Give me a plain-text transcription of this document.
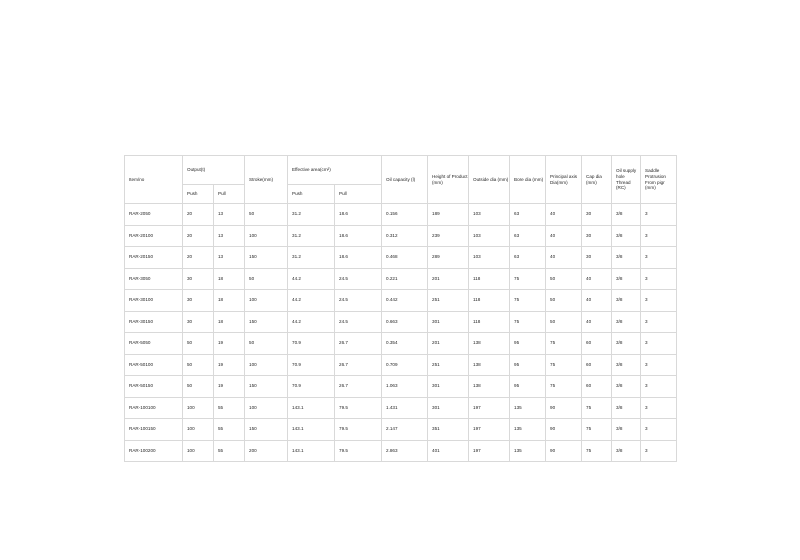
Item/no	Output(t)		Stroke(mm)	Effective area(cm²)		Oil capacity (l)	Height of Product (mm)	Outside dia (mm)	Bore dia (mm)	Principal axis Dia(mm)	Cap dia (mm)	Oil supply hole Thread (RC)	Saddle Protrusion From pigr (mm)

	Push	Pull		Push	Pull								

RAR-2050	20	13	50	31.2	18.6	0.156	189	103	63	40	30	3/8	3

RAR-20100	20	13	100	31.2	18.6	0.312	239	103	63	40	30	3/8	3

RAR-20150	20	13	150	31.2	18.6	0.468	289	103	63	40	30	3/8	3

RAR-3050	30	18	50	44.2	24.5	0.221	201	118	75	50	40	3/8	3

RAR-30100	30	18	100	44.2	24.5	0.442	251	118	75	50	40	3/8	3

RAR-30150	30	18	150	44.2	24.5	0.663	301	118	75	50	40	3/8	3

RAR-5050	50	19	50	70.9	26.7	0.354	201	138	95	75	60	3/8	3

RAR-50100	50	19	100	70.9	26.7	0.709	251	138	95	75	60	3/8	3

RAR-50150	50	19	150	70.9	26.7	1.063	301	138	95	75	60	3/8	3

RAR-100100	100	55	100	143.1	79.5	1.431	301	197	135	90	75	3/8	3

RAR-100150	100	55	150	143.1	79.5	2.147	351	197	135	90	75	3/8	3

RAR-100200	100	55	200	143.1	79.5	2.863	401	197	135	90	75	3/8	3
